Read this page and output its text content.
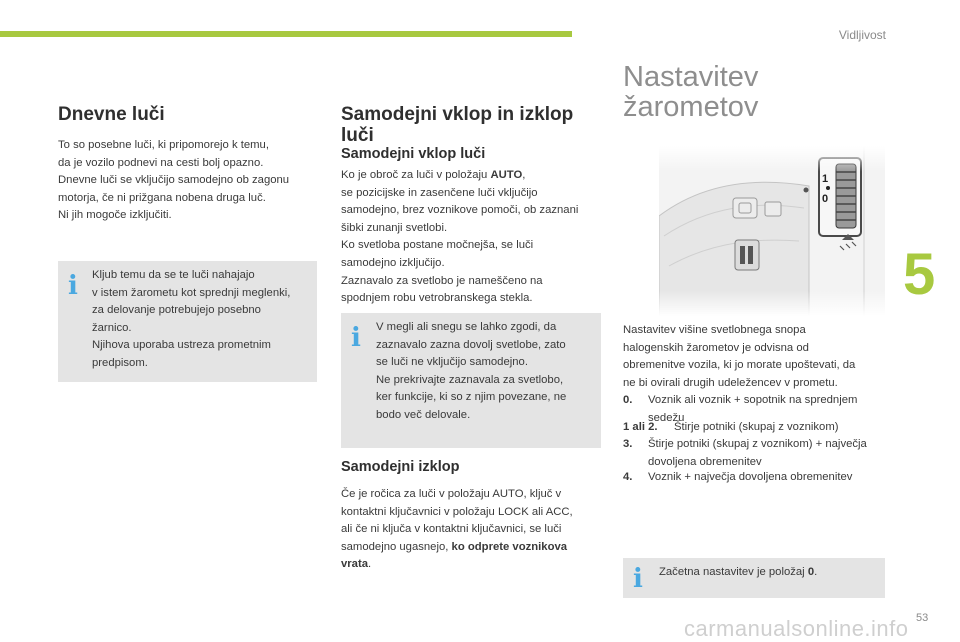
Vidljivost
5
Dnevne luči
To so posebne luči, ki pripomorejo k temu,
da je vozilo podnevi na cesti bolj opazno.
Dnevne luči se vključijo samodejno ob zagonu
motorja, če ni prižgana nobena druga luč.
Ni jih mogoče izključiti.
i Kljub temu da se te luči nahajajo
v istem žarometu kot sprednji meglenki,
za delovanje potrebujejo posebno
žarnico.
Njihova uporaba ustreza prometnim
predpisom.
Samodejni vklop in izklop
luči
Samodejni vklop luči
Ko je obroč za luči v položaju AUTO,
se pozicijske in zasenčene luči vključijo
samodejno, brez voznikove pomoči, ob zaznani
šibki zunanji svetlobi.
Ko svetloba postane močnejša, se luči
samodejno izključijo.
Zaznavalo za svetlobo je nameščeno na
spodnjem robu vetrobranskega stekla.
i V megli ali snegu se lahko zgodi, da
zaznavalo zazna dovolj svetlobe, zato
se luči ne vključijo samodejno.
Ne prekrivajte zaznavala za svetlobo,
ker funkcije, ki so z njim povezane, ne
bodo več delovale.
Samodejni izklop
Če je ročica za luči v položaju AUTO, ključ v
kontaktni ključavnici v položaju LOCK ali ACC,
ali če ni ključa v kontaktni ključavnici, se luči
samodejno ugasnejo, ko odprete voznikova
vrata.
Nastavitev
žarometov
Nastavitev višine svetlobnega snopa
halogenskih žarometov je odvisna od
obremenitve vozila, ki jo morate upoštevati, da
ne bi ovirali drugih udeležencev v prometu.
0. Voznik ali voznik + sopotnik na sprednjem
sedežu
1 ali 2. Štirje potniki (skupaj z voznikom)
3. Štirje potniki (skupaj z voznikom) + največja
dovoljena obremenitev
4. Voznik + največja dovoljena obremenitev
i Začetna nastavitev je položaj 0.
53
carmanualsonline.info
